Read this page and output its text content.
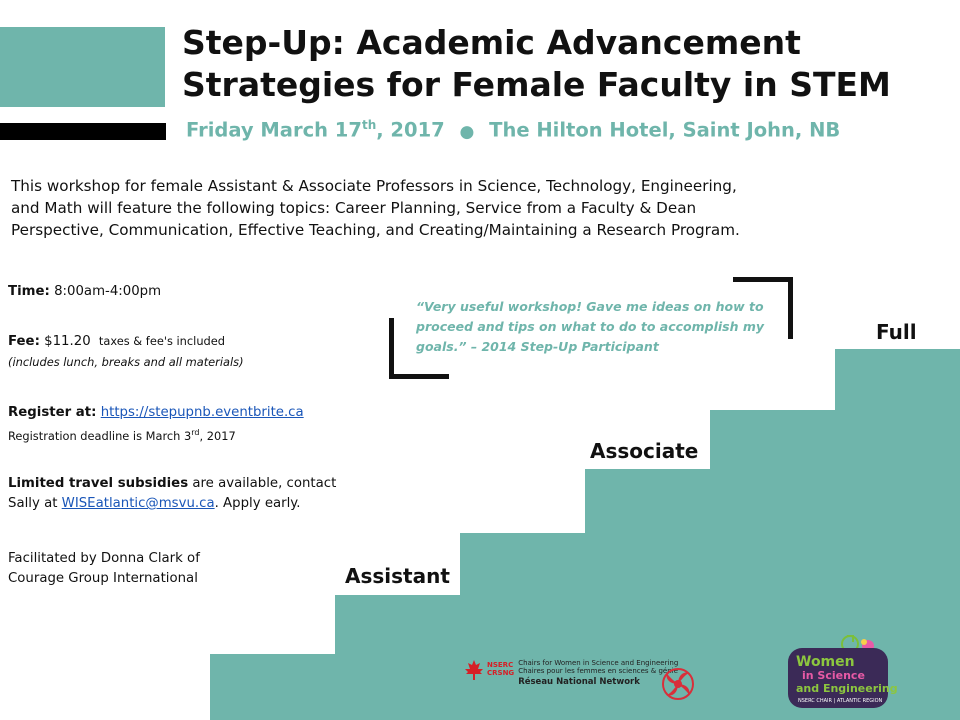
Step-Up: Academic Advancement
Strategies for Female Faculty in STEM
Friday March 17th, 2017 ● The Hilton Hotel, Saint John, NB
This workshop for female Assistant & Associate Professors in Science, Technology, Engineering,
and Math will feature the following topics: Career Planning, Service from a Faculty & Dean
Perspective, Communication, Effective Teaching, and Creating/Maintaining a Research Program.
Time: 8:00am-4:00pm
Fee: $11.20 taxes & fee's included
(includes lunch, breaks and all materials)
Register at: https://stepupnb.eventbrite.ca
Registration deadline is March 3rd, 2017
Limited travel subsidies are available, contact
Sally at WISEatlantic@msvu.ca. Apply early.
Facilitated by Donna Clark of
Courage Group International
“Very useful workshop! Gave me ideas on how to
proceed and tips on what to do to accomplish my
goals.” – 2014 Step-Up Participant
Assistant
Associate
Full
NSERC
CRSNG
Chairs for Women in Science and Engineering
Chaires pour les femmes en sciences & génie
Réseau National Network
Women
in Science
and Engineering
NSERC CHAIR | ATLANTIC REGION
